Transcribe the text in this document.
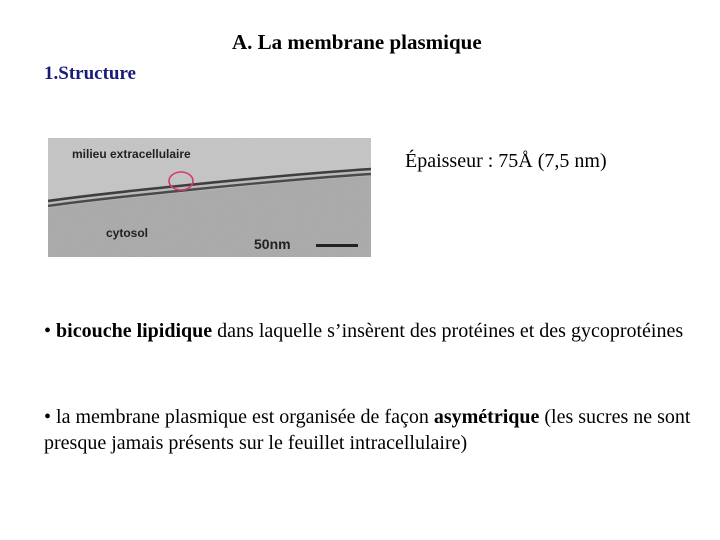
A. La membrane plasmique
1.Structure
milieu extracellulaire
cytosol
50nm
Épaisseur : 75Å (7,5 nm)
• bicouche lipidique dans laquelle s’insèrent des protéines et des gycoprotéines
• la membrane plasmique est organisée de façon asymétrique (les sucres ne sont presque jamais présents sur le feuillet intracellulaire)
